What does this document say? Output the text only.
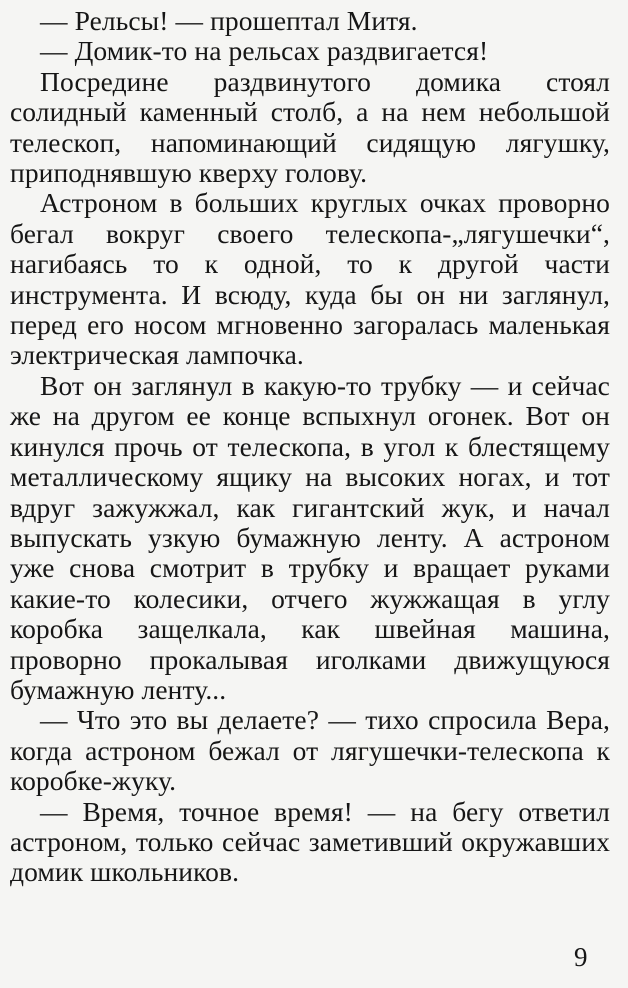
— Рельсы! — прошептал Митя.

— Домик-то на рельсах раздвигается!

Посредине раздвинутого домика стоял солидный каменный столб, а на нем небольшой телескоп, напоминающий сидящую лягушку, приподнявшую кверху голову.

Астроном в больших круглых очках проворно бегал вокруг своего телескопа-„лягушечки“, нагибаясь то к одной, то к другой части инструмента. И всюду, куда бы он ни заглянул, перед его носом мгновенно загоралась маленькая электрическая лампочка.

Вот он заглянул в какую-то трубку — и сейчас же на другом ее конце вспыхнул огонек. Вот он кинулся прочь от телескопа, в угол к блестящему металлическому ящику на высоких ногах, и тот вдруг зажужжал, как гигантский жук, и начал выпускать узкую бумажную ленту. А астроном уже снова смотрит в трубку и вращает руками какие-то колесики, отчего жужжащая в углу коробка защелкала, как швейная машина, проворно прокалывая иголками движущуюся бумажную ленту...

— Что это вы делаете? — тихо спросила Вера, когда астроном бежал от лягушечки-телескопа к коробке-жуку.

— Время, точное время! — на бегу ответил астроном, только сейчас заметивший окружавших домик школьников.

9
